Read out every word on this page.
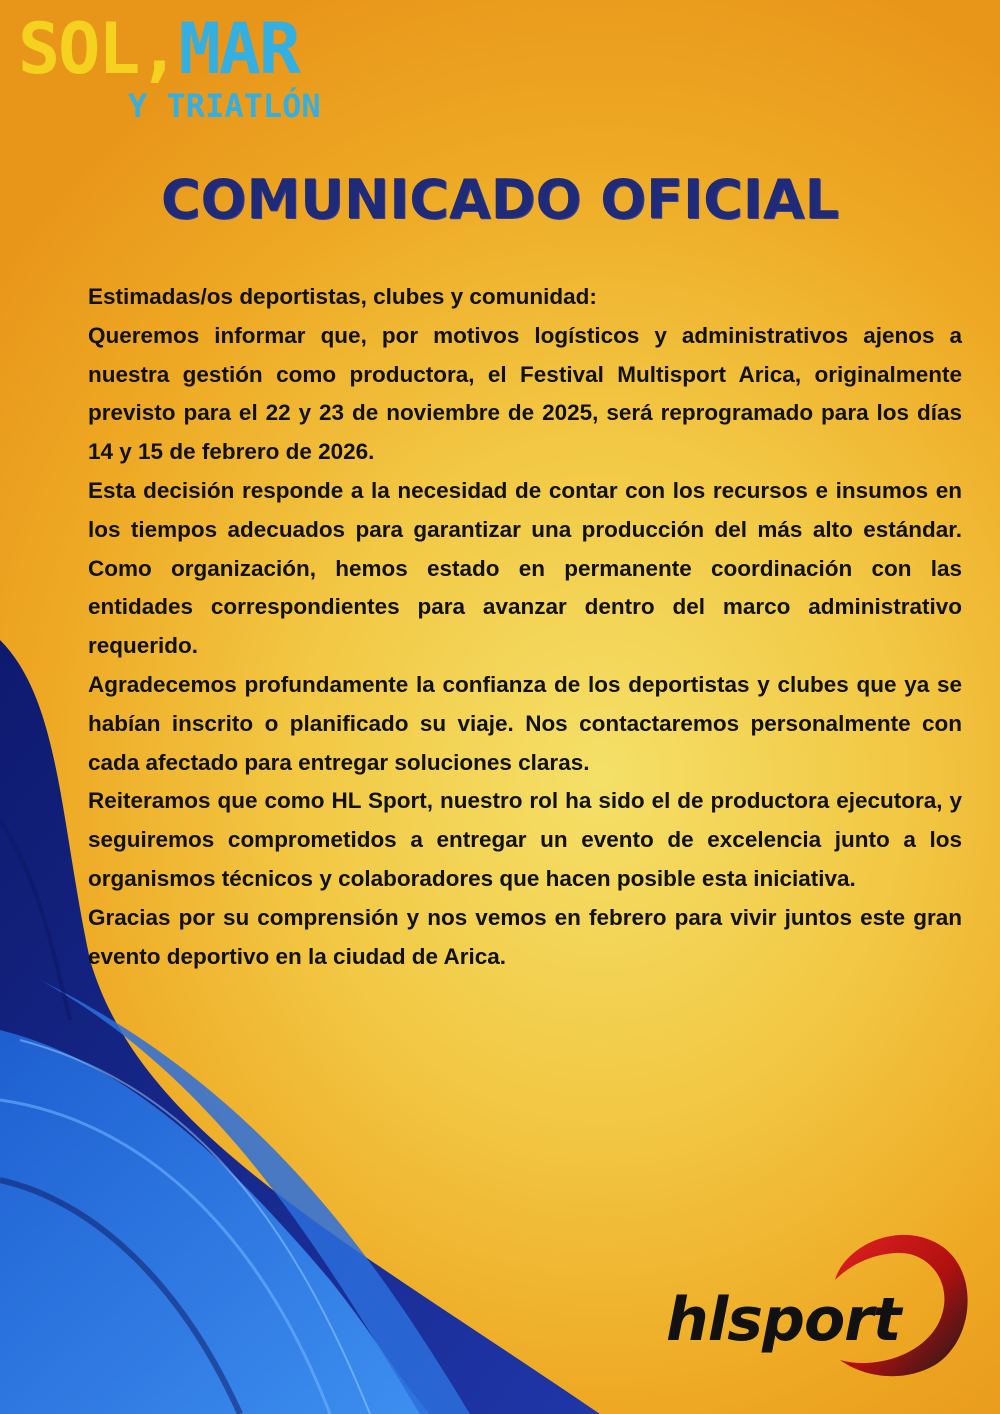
SOL,MAR
Y TRIATLÓN
COMUNICADO OFICIAL

Estimadas/os deportistas, clubes y comunidad:

Queremos informar que, por motivos logísticos y administrativos ajenos a nuestra gestión como productora, el Festival Multisport Arica, originalmente previsto para el 22 y 23 de noviembre de 2025, será reprogramado para los días 14 y 15 de febrero de 2026.

Esta decisión responde a la necesidad de contar con los recursos e insumos en los tiempos adecuados para garantizar una producción del más alto estándar. Como organización, hemos estado en permanente coordinación con las entidades correspondientes para avanzar dentro del marco administrativo requerido.

Agradecemos profundamente la confianza de los deportistas y clubes que ya se habían inscrito o planificado su viaje. Nos contactaremos personalmente con cada afectado para entregar soluciones claras.

Reiteramos que como HL Sport, nuestro rol ha sido el de productora ejecutora, y seguiremos comprometidos a entregar un evento de excelencia junto a los organismos técnicos y colaboradores que hacen posible esta iniciativa.

Gracias por su comprensión y nos vemos en febrero para vivir juntos este gran evento deportivo en la ciudad de Arica.

hlsport
